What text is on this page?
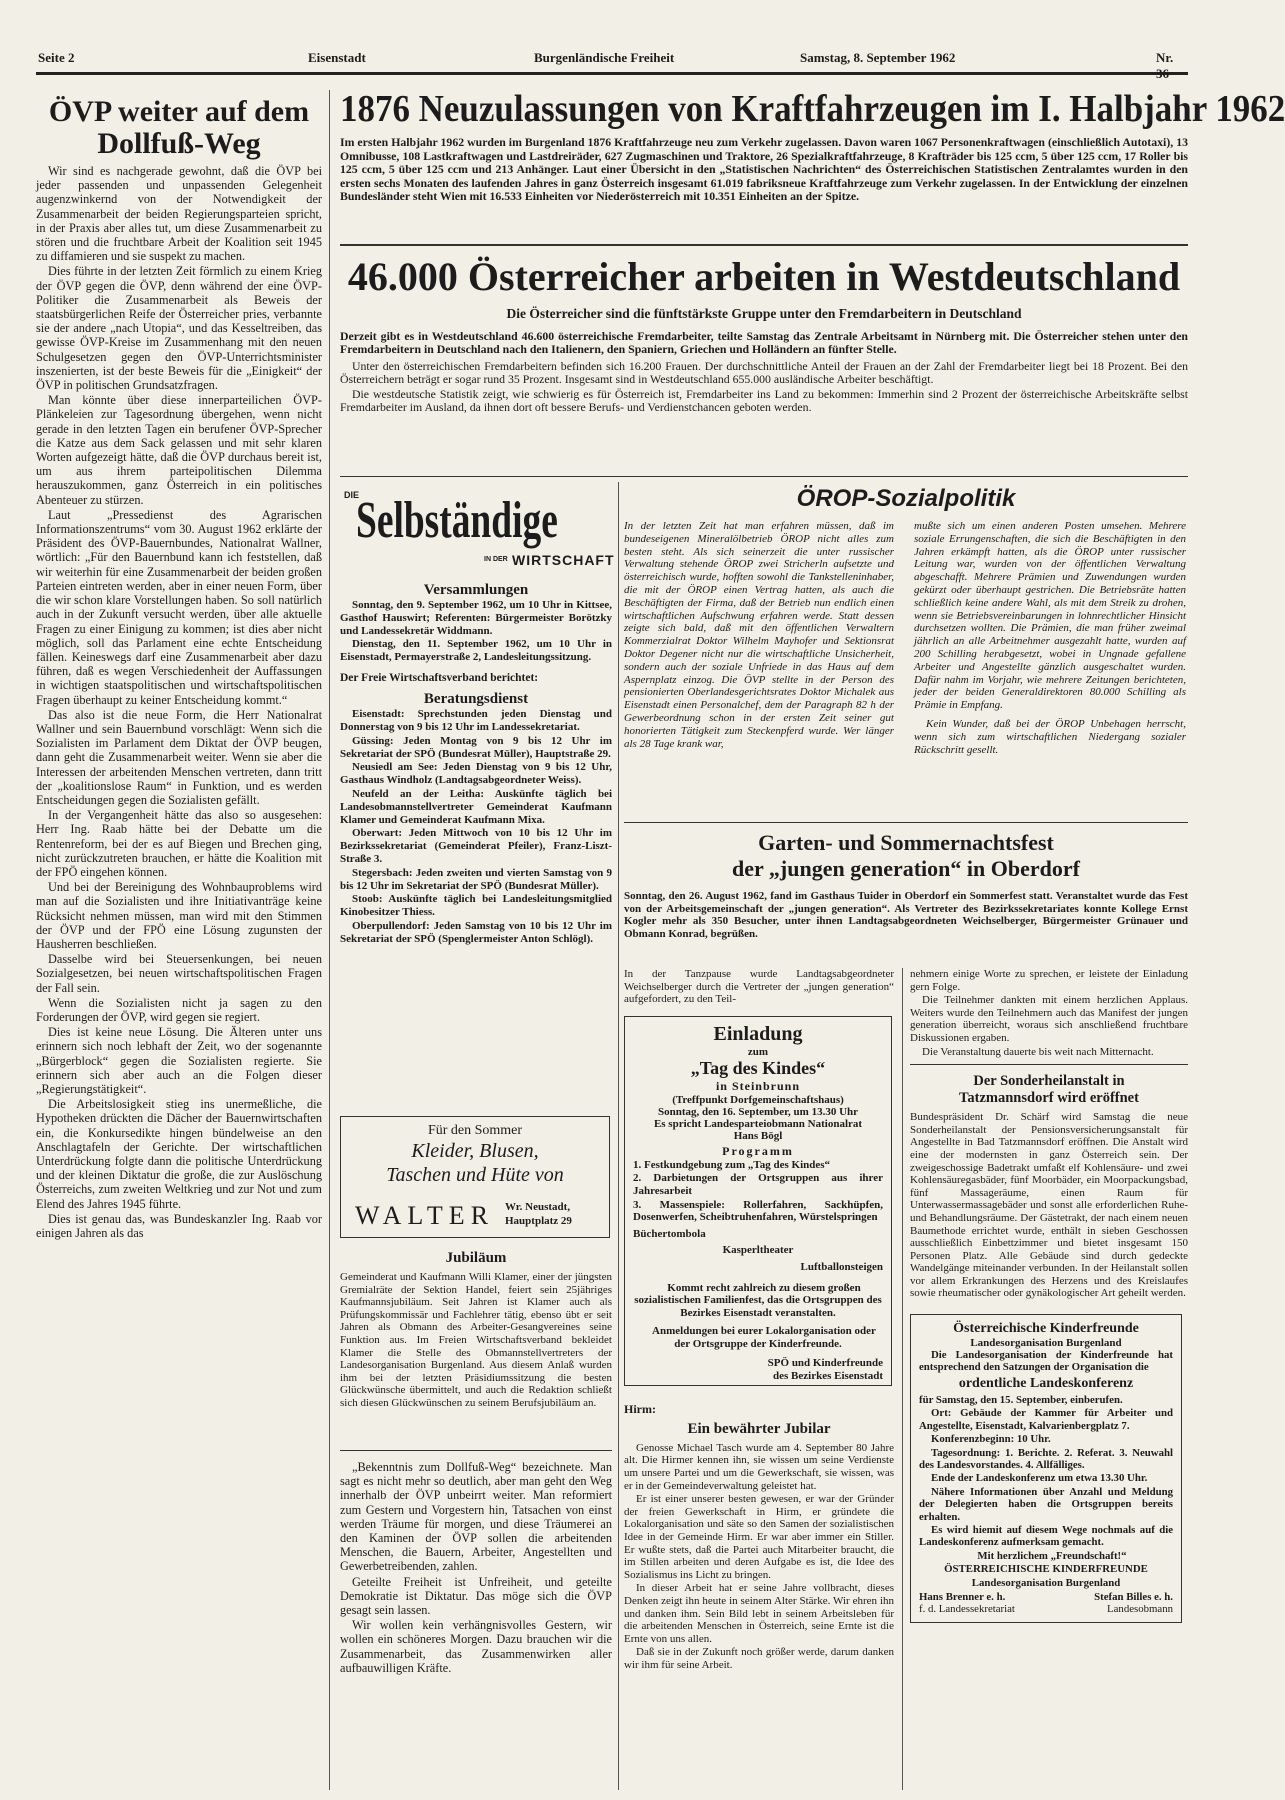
Seite 2	Eisenstadt	Burgenländische Freiheit	Samstag, 8. September 1962	Nr. 36
ÖVP weiter auf dem Dollfuß-Weg

Wir sind es nachgerade gewohnt, daß die ÖVP bei jeder passenden und unpassenden Gelegenheit augenzwinkernd von der Notwendigkeit der Zusammenarbeit der beiden Regierungsparteien spricht, in der Praxis aber alles tut, um diese Zusammenarbeit zu stören und die fruchtbare Arbeit der Koalition seit 1945 zu diffamieren und sie suspekt zu machen.

Dies führte in der letzten Zeit förmlich zu einem Krieg der ÖVP gegen die ÖVP, denn während der eine ÖVP-Politiker die Zusammenarbeit als Beweis der staatsbürgerlichen Reife der Österreicher pries, verbannte sie der andere „nach Utopia“, und das Kesseltreiben, das gewisse ÖVP-Kreise im Zusammenhang mit den neuen Schulgesetzen gegen den ÖVP-Unterrichtsminister inszenierten, ist der beste Beweis für die „Einigkeit“ der ÖVP in politischen Grundsatzfragen.

Man könnte über diese innerparteilichen ÖVP-Plänkeleien zur Tagesordnung übergehen, wenn nicht gerade in den letzten Tagen ein berufener ÖVP-Sprecher die Katze aus dem Sack gelassen und mit sehr klaren Worten aufgezeigt hätte, daß die ÖVP durchaus bereit ist, um aus ihrem parteipolitischen Dilemma herauszukommen, ganz Österreich in ein politisches Abenteuer zu stürzen.

Laut „Pressedienst des Agrarischen Informationszentrums“ vom 30. August 1962 erklärte der Präsident des ÖVP-Bauernbundes, Nationalrat Wallner, wörtlich: „Für den Bauernbund kann ich feststellen, daß wir weiterhin für eine Zusammenarbeit der beiden großen Parteien eintreten werden, aber in einer neuen Form, über die wir schon klare Vorstellungen haben. So soll natürlich auch in der Zukunft versucht werden, über alle aktuelle Fragen zu einer Einigung zu kommen; ist dies aber nicht möglich, soll das Parlament eine echte Entscheidung fällen. Keineswegs darf eine Zusammenarbeit aber dazu führen, daß es wegen Verschiedenheit der Auffassungen in wichtigen staatspolitischen und wirtschaftspolitischen Fragen überhaupt zu keiner Entscheidung kommt.“

Das also ist die neue Form, die Herr Nationalrat Wallner und sein Bauernbund vorschlägt: Wenn sich die Sozialisten im Parlament dem Diktat der ÖVP beugen, dann geht die Zusammenarbeit weiter. Wenn sie aber die Interessen der arbeitenden Menschen vertreten, dann tritt der „koalitionslose Raum“ in Funktion, und es werden Entscheidungen gegen die Sozialisten gefällt.

In der Vergangenheit hätte das also so ausgesehen: Herr Ing. Raab hätte bei der Debatte um die Rentenreform, bei der es auf Biegen und Brechen ging, nicht zurückzutreten brauchen, er hätte die Koalition mit der FPÖ eingehen können.

Und bei der Bereinigung des Wohnbauproblems wird man auf die Sozialisten und ihre Initiativanträge keine Rücksicht nehmen müssen, man wird mit den Stimmen der ÖVP und der FPÖ eine Lösung zugunsten der Hausherren beschließen.

Dasselbe wird bei Steuersenkungen, bei neuen Sozialgesetzen, bei neuen wirtschaftspolitischen Fragen der Fall sein.

Wenn die Sozialisten nicht ja sagen zu den Forderungen der ÖVP, wird gegen sie regiert.

Dies ist keine neue Lösung. Die Älteren unter uns erinnern sich noch lebhaft der Zeit, wo der sogenannte „Bürgerblock“ gegen die Sozialisten regierte. Sie erinnern sich aber auch an die Folgen dieser „Regierungstätigkeit“.

Die Arbeitslosigkeit stieg ins unermeßliche, die Hypotheken drückten die Dächer der Bauernwirtschaften ein, die Konkursedikte hingen bündelweise an den Anschlagtafeln der Gerichte. Der wirtschaftlichen Unterdrückung folgte dann die politische Unterdrückung und der kleinen Diktatur die große, die zur Auslöschung Österreichs, zum zweiten Weltkrieg und zur Not und zum Elend des Jahres 1945 führte.

Dies ist genau das, was Bundeskanzler Ing. Raab vor einigen Jahren als das

1876 Neuzulassungen von Kraftfahrzeugen im I. Halbjahr 1962
Im ersten Halbjahr 1962 wurden im Burgenland 1876 Kraftfahrzeuge neu zum Verkehr zugelassen. Davon waren 1067 Personenkraftwagen (einschließlich Autotaxi), 13 Omnibusse, 108 Lastkraftwagen und Lastdreiräder, 627 Zugmaschinen und Traktore, 26 Spezialkraftfahrzeuge, 8 Krafträder bis 125 ccm, 5 über 125 ccm, 17 Roller bis 125 ccm, 5 über 125 ccm und 213 Anhänger. Laut einer Übersicht in den „Statistischen Nachrichten“ des Österreichischen Statistischen Zentralamtes wurden in den ersten sechs Monaten des laufenden Jahres in ganz Österreich insgesamt 61.019 fabriksneue Kraftfahrzeuge zum Verkehr zugelassen. In der Entwicklung der einzelnen Bundesländer steht Wien mit 16.533 Einheiten vor Niederösterreich mit 10.351 Einheiten an der Spitze.
46.000 Österreicher arbeiten in Westdeutschland
Die Österreicher sind die fünftstärkste Gruppe unter den Fremdarbeitern in Deutschland
Derzeit gibt es in Westdeutschland 46.600 österreichische Fremdarbeiter, teilte Samstag das Zentrale Arbeitsamt in Nürnberg mit. Die Österreicher stehen unter den Fremdarbeitern in Deutschland nach den Italienern, den Spaniern, Griechen und Holländern an fünfter Stelle.

Unter den österreichischen Fremdarbeitern befinden sich 16.200 Frauen. Der durchschnittliche Anteil der Frauen an der Zahl der Fremdarbeiter liegt bei 18 Prozent. Bei den Österreichern beträgt er sogar rund 35 Prozent. Insgesamt sind in Westdeutschland 655.000 ausländische Arbeiter beschäftigt.

Die westdeutsche Statistik zeigt, wie schwierig es für Österreich ist, Fremdarbeiter ins Land zu bekommen: Immerhin sind 2 Prozent der österreichische Arbeitskräfte selbst Fremdarbeiter im Ausland, da ihnen dort oft bessere Berufs- und Verdienstchancen geboten werden.

DIE
Selbständige
IN DER WIRTSCHAFT
Versammlungen

Sonntag, den 9. September 1962, um 10 Uhr in Kittsee, Gasthof Hauswirt; Referenten: Bürgermeister Borötzky und Landessekretär Widdmann.

Dienstag, den 11. September 1962, um 10 Uhr in Eisenstadt, Permayerstraße 2, Landesleitungssitzung.

Der Freie Wirtschaftsverband berichtet:
Beratungsdienst

Eisenstadt: Sprechstunden jeden Dienstag und Donnerstag von 9 bis 12 Uhr im Landessekretariat.

Güssing: Jeden Montag von 9 bis 12 Uhr im Sekretariat der SPÖ (Bundesrat Müller), Hauptstraße 29.

Neusiedl am See: Jeden Dienstag von 9 bis 12 Uhr, Gasthaus Windholz (Landtagsabgeordneter Weiss).

Neufeld an der Leitha: Auskünfte täglich bei Landesobmannstellvertreter Gemeinderat Kaufmann Klamer und Gemeinderat Kaufmann Mixa.

Oberwart: Jeden Mittwoch von 10 bis 12 Uhr im Bezirkssekretariat (Gemeinderat Pfeiler), Franz-Liszt-Straße 3.

Stegersbach: Jeden zweiten und vierten Samstag von 9 bis 12 Uhr im Sekretariat der SPÖ (Bundesrat Müller).

Stoob: Auskünfte täglich bei Landesleitungsmitglied Kinobesitzer Thiess.

Oberpullendorf: Jeden Samstag von 10 bis 12 Uhr im Sekretariat der SPÖ (Spenglermeister Anton Schlögl).

Für den Sommer
Kleider, Blusen,
Taschen und Hüte von
WALTER Wr. Neustadt,
Hauptplatz 29
Jubiläum
Gemeinderat und Kaufmann Willi Klamer, einer der jüngsten Gremialräte der Sektion Handel, feiert sein 25jähriges Kaufmannsjubiläum. Seit Jahren ist Klamer auch als Prüfungskommissär und Fachlehrer tätig, ebenso übt er seit Jahren als Obmann des Arbeiter-Gesangvereines seine Funktion aus. Im Freien Wirtschaftsverband bekleidet Klamer die Stelle des Obmannstellvertreters der Landesorganisation Burgenland. Aus diesem Anlaß wurden ihm bei der letzten Präsidiumssitzung die besten Glückwünsche übermittelt, und auch die Redaktion schließt sich diesen Glückwünschen zu seinem Berufsjubiläum an.

„Bekenntnis zum Dollfuß-Weg“ bezeichnete. Man sagt es nicht mehr so deutlich, aber man geht den Weg innerhalb der ÖVP unbeirrt weiter. Man reformiert zum Gestern und Vorgestern hin, Tatsachen von einst werden Träume für morgen, und diese Träumerei an den Kaminen der ÖVP sollen die arbeitenden Menschen, die Bauern, Arbeiter, Angestellten und Gewerbetreibenden, zahlen.

Geteilte Freiheit ist Unfreiheit, und geteilte Demokratie ist Diktatur. Das möge sich die ÖVP gesagt sein lassen.

Wir wollen kein verhängnisvolles Gestern, wir wollen ein schöneres Morgen. Dazu brauchen wir die Zusammenarbeit, das Zusammenwirken aller aufbauwilligen Kräfte.

ÖROP-Sozialpolitik
In der letzten Zeit hat man erfahren müssen, daß im bundeseigenen Mineralölbetrieb ÖROP nicht alles zum besten steht. Als sich seinerzeit die unter russischer Verwaltung stehende ÖROP zwei Stricherln aufsetzte und österreichisch wurde, hofften sowohl die Tankstelleninhaber, die mit der ÖROP einen Vertrag hatten, als auch die Beschäftigten der Firma, daß der Betrieb nun endlich einen wirtschaftlichen Aufschwung erfahren werde. Statt dessen zeigte sich bald, daß mit den öffentlichen Verwaltern Kommerzialrat Doktor Wilhelm Mayhofer und Sektionsrat Doktor Degener nicht nur die wirtschaftliche Unsicherheit, sondern auch der soziale Unfriede in das Haus auf dem Aspernplatz einzog. Die ÖVP stellte in der Person des pensionierten Oberlandesgerichtsrates Doktor Michalek aus Eisenstadt einen Personalchef, dem der Paragraph 82 h der Gewerbeordnung schon in der ersten Zeit seiner gut honorierten Tätigkeit zum Steckenpferd wurde. Wer länger als 28 Tage krank war,

mußte sich um einen anderen Posten umsehen. Mehrere soziale Errungenschaften, die sich die Beschäftigten in den Jahren erkämpft hatten, als die ÖROP unter russischer Leitung war, wurden von der öffentlichen Verwaltung abgeschafft. Mehrere Prämien und Zuwendungen wurden gekürzt oder überhaupt gestrichen. Die Betriebsräte hatten schließlich keine andere Wahl, als mit dem Streik zu drohen, wenn sie Betriebsvereinbarungen in lohnrechtlicher Hinsicht durchsetzen wollten. Die Prämien, die man früher zweimal jährlich an alle Arbeitnehmer ausgezahlt hatte, wurden auf 200 Schilling herabgesetzt, wobei in Ungnade gefallene Arbeiter und Angestellte gänzlich ausgeschaltet wurden. Dafür nahm im Vorjahr, wie mehrere Zeitungen berichteten, jeder der beiden Generaldirektoren 80.000 Schilling als Prämie in Empfang.

Kein Wunder, daß bei der ÖROP Unbehagen herrscht, wenn sich zum wirtschaftlichen Niedergang sozialer Rückschritt gesellt.

Garten- und Sommernachtsfest
der „jungen generation“ in Oberdorf
Sonntag, den 26. August 1962, fand im Gasthaus Tuider in Oberdorf ein Sommerfest statt. Veranstaltet wurde das Fest von der Arbeitsgemeinschaft der „jungen generation“. Als Vertreter des Bezirkssekretariates konnte Kollege Ernst Kogler mehr als 350 Besucher, unter ihnen Landtagsabgeordneten Weichselberger, Bürgermeister Grünauer und Obmann Konrad, begrüßen.
In der Tanzpause wurde Landtagsabgeordneter Weichselberger durch die Vertreter der „jungen generation“ aufgefordert, zu den Teil-
Einladung
zum
„Tag des Kindes“
in Steinbrunn
(Treffpunkt Dorfgemeinschaftshaus)
Sonntag, den 16. September, um 13.30 Uhr
Es spricht Landesparteiobmann Nationalrat
Hans Bögl
Programm

1. Festkundgebung zum „Tag des Kindes“

2. Darbietungen der Ortsgruppen aus ihrer Jahresarbeit

3. Massenspiele: Rollerfahren, Sackhüpfen, Dosenwerfen, Scheibtruhenfahren, Würstelspringen

Büchertombola

Kasperltheater

Luftballonsteigen

Kommt recht zahlreich zu diesem großen sozialistischen Familienfest, das die Ortsgruppen des Bezirkes Eisenstadt veranstalten.

Anmeldungen bei eurer Lokalorganisation oder der Ortsgruppe der Kinderfreunde.

SPÖ und Kinderfreunde

des Bezirkes Eisenstadt

Hirm:
Ein bewährter Jubilar

Genosse Michael Tasch wurde am 4. September 80 Jahre alt. Die Hirmer kennen ihn, sie wissen um seine Verdienste um unsere Partei und um die Gewerkschaft, sie wissen, was er in der Gemeindeverwaltung geleistet hat.

Er ist einer unserer besten gewesen, er war der Gründer der freien Gewerkschaft in Hirm, er gründete die Lokalorganisation und säte so den Samen der sozialistischen Idee in der Gemeinde Hirm. Er war aber immer ein Stiller. Er wußte stets, daß die Partei auch Mitarbeiter braucht, die im Stillen arbeiten und deren Aufgabe es ist, die Idee des Sozialismus ins Licht zu bringen.

In dieser Arbeit hat er seine Jahre vollbracht, dieses Denken zeigt ihn heute in seinem Alter Stärke. Wir ehren ihn und danken ihm. Sein Bild lebt in seinem Arbeitsleben für die arbeitenden Menschen in Österreich, seine Ernte ist die Ernte von uns allen.

Daß sie in der Zukunft noch größer werde, darum danken wir ihm für seine Arbeit.

nehmern einige Worte zu sprechen, er leistete der Einladung gern Folge.

Die Teilnehmer dankten mit einem herzlichen Applaus. Weiters wurde den Teilnehmern auch das Manifest der jungen generation überreicht, woraus sich anschließend fruchtbare Diskussionen ergaben.

Die Veranstaltung dauerte bis weit nach Mitternacht.

Der Sonderheilanstalt in
Tatzmannsdorf wird eröffnet
Bundespräsident Dr. Schärf wird Samstag die neue Sonderheilanstalt der Pensionsversicherungsanstalt für Angestellte in Bad Tatzmannsdorf eröffnen. Die Anstalt wird eine der modernsten in ganz Österreich sein. Der zweigeschossige Badetrakt umfaßt elf Kohlensäure- und zwei Kohlensäuregasbäder, fünf Moorbäder, ein Moorpackungsbad, fünf Massageräume, einen Raum für Unterwassermassagebäder und sonst alle erforderlichen Ruhe- und Behandlungsräume. Der Gästetrakt, der nach einem neuen Baumethode errichtet wurde, enthält in sieben Geschossen ausschließlich Einbettzimmer und bietet insgesamt 150 Personen Platz. Alle Gebäude sind durch gedeckte Wandelgänge miteinander verbunden. In der Heilanstalt sollen vor allem Erkrankungen des Herzens und des Kreislaufes sowie rheumatischer oder gynäkologischer Art geheilt werden.
Österreichische Kinderfreunde
Landesorganisation Burgenland

Die Landesorganisation der Kinderfreunde hat entsprechend den Satzungen der Organisation die

ordentliche Landeskonferenz

für Samstag, den 15. September, einberufen.

Ort: Gebäude der Kammer für Arbeiter und Angestellte, Eisenstadt, Kalvarienbergplatz 7.

Konferenzbeginn: 10 Uhr.

Tagesordnung: 1. Berichte. 2. Referat. 3. Neuwahl des Landesvorstandes. 4. Allfälliges.

Ende der Landeskonferenz um etwa 13.30 Uhr.

Nähere Informationen über Anzahl und Meldung der Delegierten haben die Ortsgruppen bereits erhalten.

Es wird hiemit auf diesem Wege nochmals auf die Landeskonferenz aufmerksam gemacht.

Mit herzlichem „Freundschaft!“

ÖSTERREICHISCHE KINDERFREUNDE

Landesorganisation Burgenland

Hans Brenner e. h.
f. d. Landessekretariat
Stefan Billes e. h.
Landesobmann
